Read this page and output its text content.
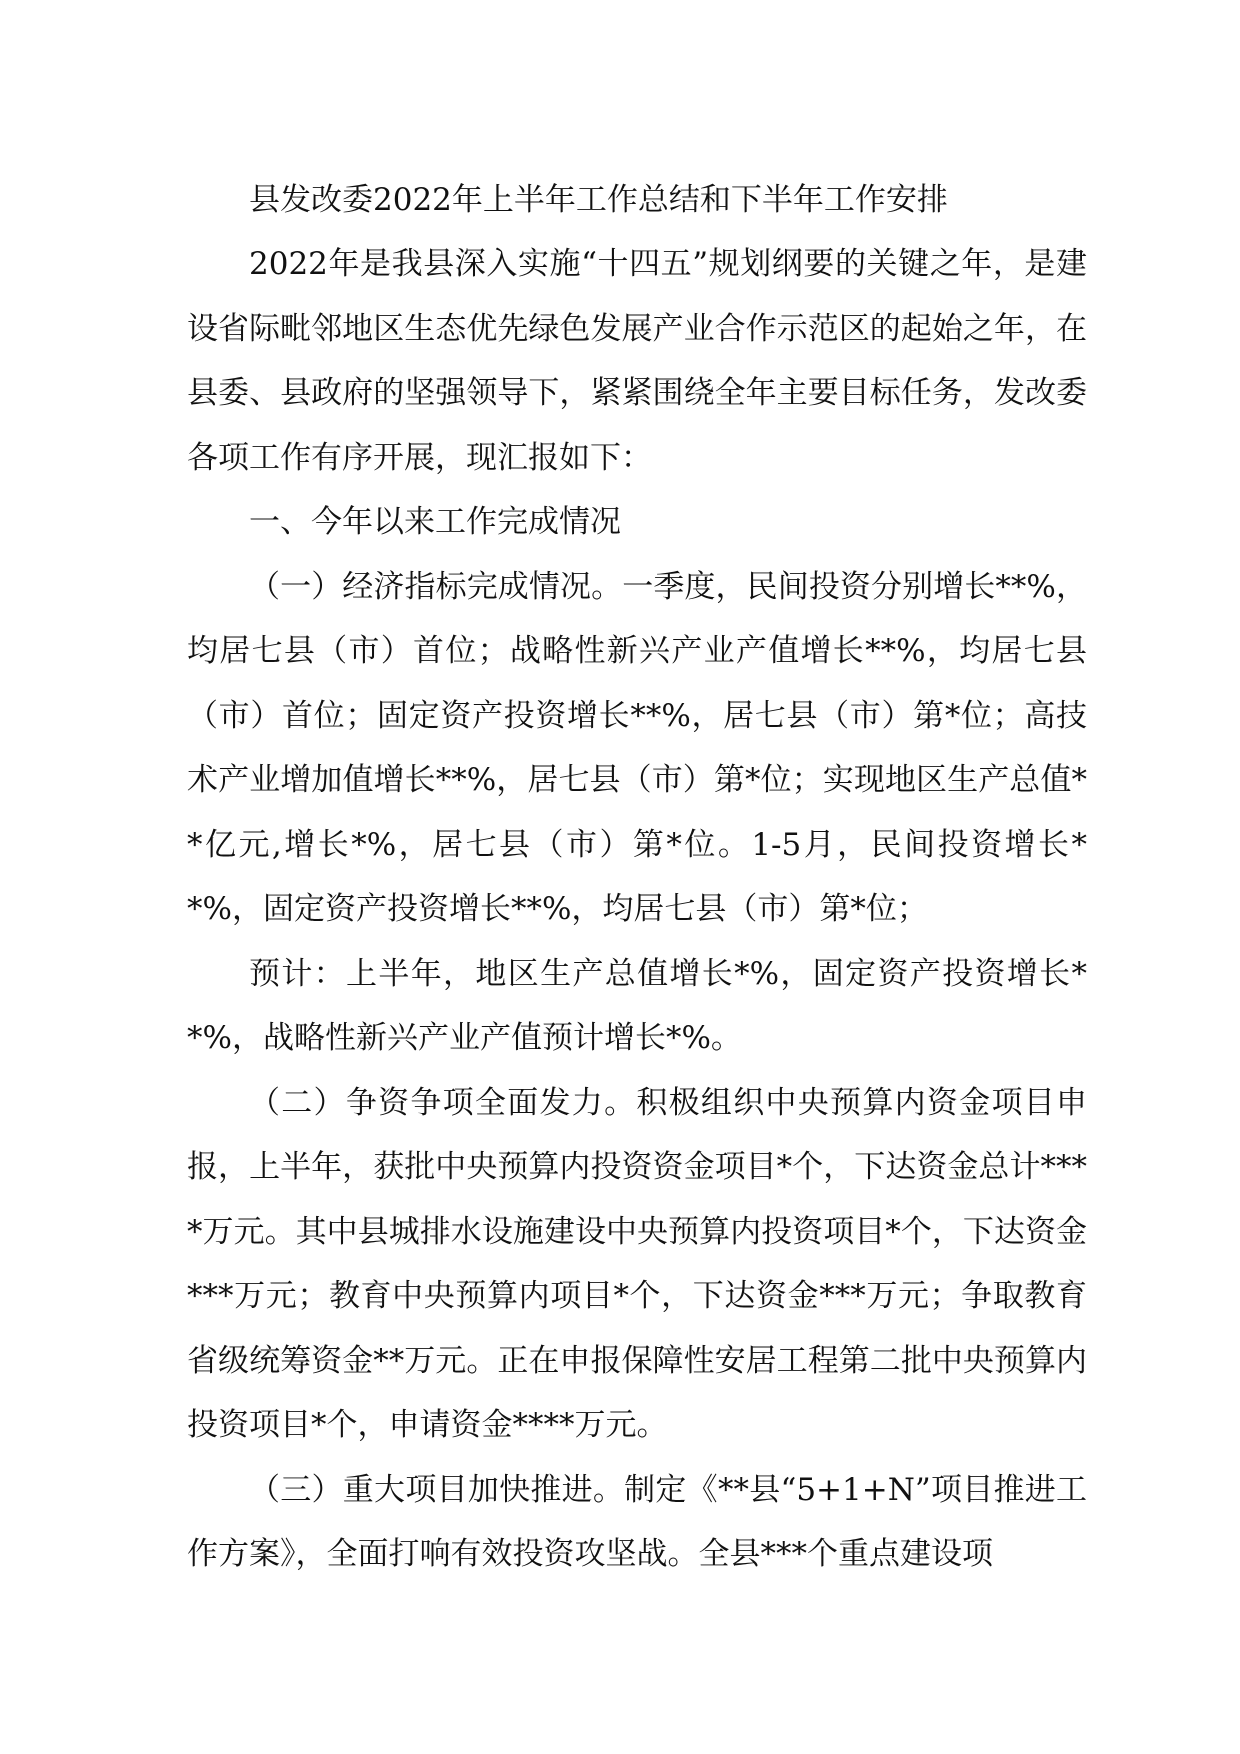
县发改委2022年上半年工作总结和下半年工作安排

2022年是我县深入实施“十四五”规划纲要的关键之年，是建设省际毗邻地区生态优先绿色发展产业合作示范区的起始之年，在县委、县政府的坚强领导下，紧紧围绕全年主要目标任务，发改委各项工作有序开展，现汇报如下：

一、今年以来工作完成情况

（一）经济指标完成情况。一季度，民间投资分别增长**%，均居七县（市）首位；战略性新兴产业产值增长**%，均居七县（市）首位；固定资产投资增长**%，居七县（市）第*位；高技术产业增加值增长**%，居七县（市）第*位；实现地区生产总值**亿元,增长*%，居七县（市）第*位。1-5月，民间投资增长**%，固定资产投资增长**%，均居七县（市）第*位；

预计：上半年，地区生产总值增长*%，固定资产投资增长**%，战略性新兴产业产值预计增长*%。

（二）争资争项全面发力。积极组织中央预算内资金项目申报，上半年，获批中央预算内投资资金项目*个，下达资金总计****万元。其中县城排水设施建设中央预算内投资项目*个，下达资金***万元；教育中央预算内项目*个，下达资金***万元；争取教育省级统筹资金**万元。正在申报保障性安居工程第二批中央预算内投资项目*个，申请资金****万元。

（三）重大项目加快推进。制定《**县“5+1+N”项目推进工作方案》，全面打响有效投资攻坚战。全县***个重点建设项
